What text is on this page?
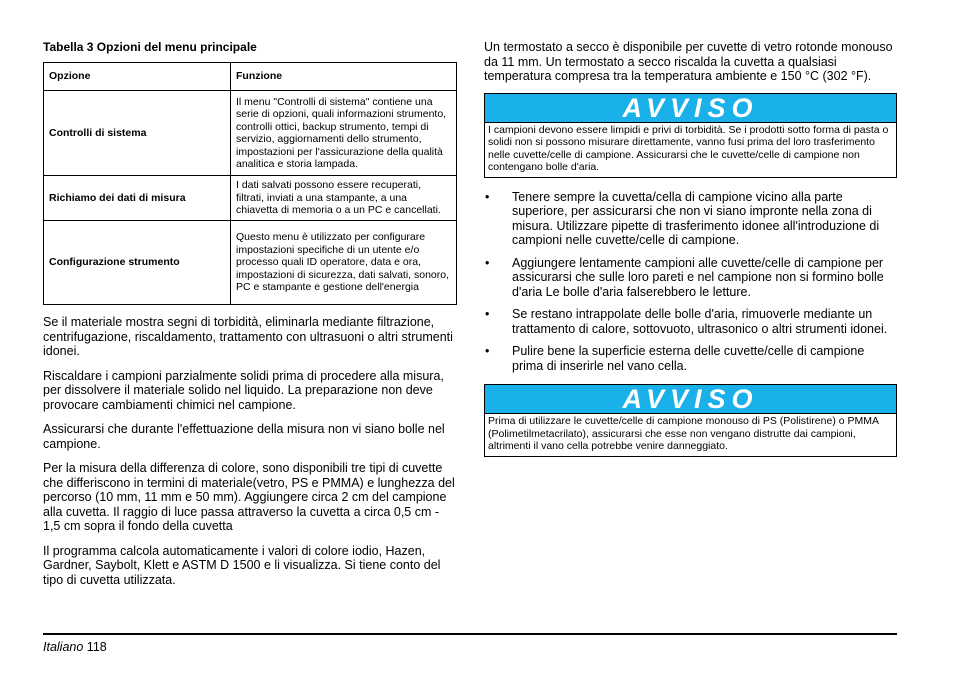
Tabella 3 Opzioni del menu principale
Opzione	Funzione
Controlli di sistema	Il menu "Controlli di sistema" contiene una serie di opzioni, quali informazioni strumento, controlli ottici, backup strumento, tempi di servizio, aggiornamenti dello strumento, impostazioni per l'assicurazione della qualità analitica e storia lampada.
Richiamo dei dati di misura	I dati salvati possono essere recuperati, filtrati, inviati a una stampante, a una chiavetta di memoria o a un PC e cancellati.
Configurazione strumento	Questo menu è utilizzato per configurare impostazioni specifiche di un utente e/o processo quali ID operatore, data e ora, impostazioni di sicurezza, dati salvati, sonoro, PC e stampante e gestione dell'energia

Se il materiale mostra segni di torbidità, eliminarla mediante filtrazione, centrifugazione, riscaldamento, trattamento con ultrasuoni o altri strumenti idonei.

Riscaldare i campioni parzialmente solidi prima di procedere alla misura, per dissolvere il materiale solido nel liquido. La preparazione non deve provocare cambiamenti chimici nel campione.

Assicurarsi che durante l'effettuazione della misura non vi siano bolle nel campione.

Per la misura della differenza di colore, sono disponibili tre tipi di cuvette che differiscono in termini di materiale(vetro, PS e PMMA) e lunghezza del percorso (10 mm, 11 mm e 50 mm). Aggiungere circa 2 cm del campione alla cuvetta. Il raggio di luce passa attraverso la cuvetta a circa 0,5 cm - 1,5 cm sopra il fondo della cuvetta

Il programma calcola automaticamente i valori di colore iodio, Hazen, Gardner, Saybolt, Klett e ASTM D 1500 e li visualizza. Si tiene conto del tipo di cuvetta utilizzata.

Un termostato a secco è disponibile per cuvette di vetro rotonde monouso da 11 mm. Un termostato a secco riscalda la cuvetta a qualsiasi temperatura compresa tra la temperatura ambiente e 150 °C (302 °F).

AVVISO
I campioni devono essere limpidi e privi di torbidità. Se i prodotti sotto forma di pasta o solidi non si possono misurare direttamente, vanno fusi prima del loro trasferimento nelle cuvette/celle di campione. Assicurarsi che le cuvette/celle di campione non contengano bolle d'aria.
• Tenere sempre la cuvetta/cella di campione vicino alla parte superiore, per assicurarsi che non vi siano impronte nella zona di misura. Utilizzare pipette di trasferimento idonee all'introduzione di campioni nelle cuvette/celle di campione.
• Aggiungere lentamente campioni alle cuvette/celle di campione per assicurarsi che sulle loro pareti e nel campione non si formino bolle d'aria Le bolle d'aria falserebbero le letture.
• Se restano intrappolate delle bolle d'aria, rimuoverle mediante un trattamento di calore, sottovuoto, ultrasonico o altri strumenti idonei.
• Pulire bene la superficie esterna delle cuvette/celle di campione prima di inserirle nel vano cella.
AVVISO
Prima di utilizzare le cuvette/celle di campione monouso di PS (Polistirene) o PMMA (Polimetilmetacrilato), assicurarsi che esse non vengano distrutte dai campioni, altrimenti il vano cella potrebbe venire danneggiato.
Italiano 118
